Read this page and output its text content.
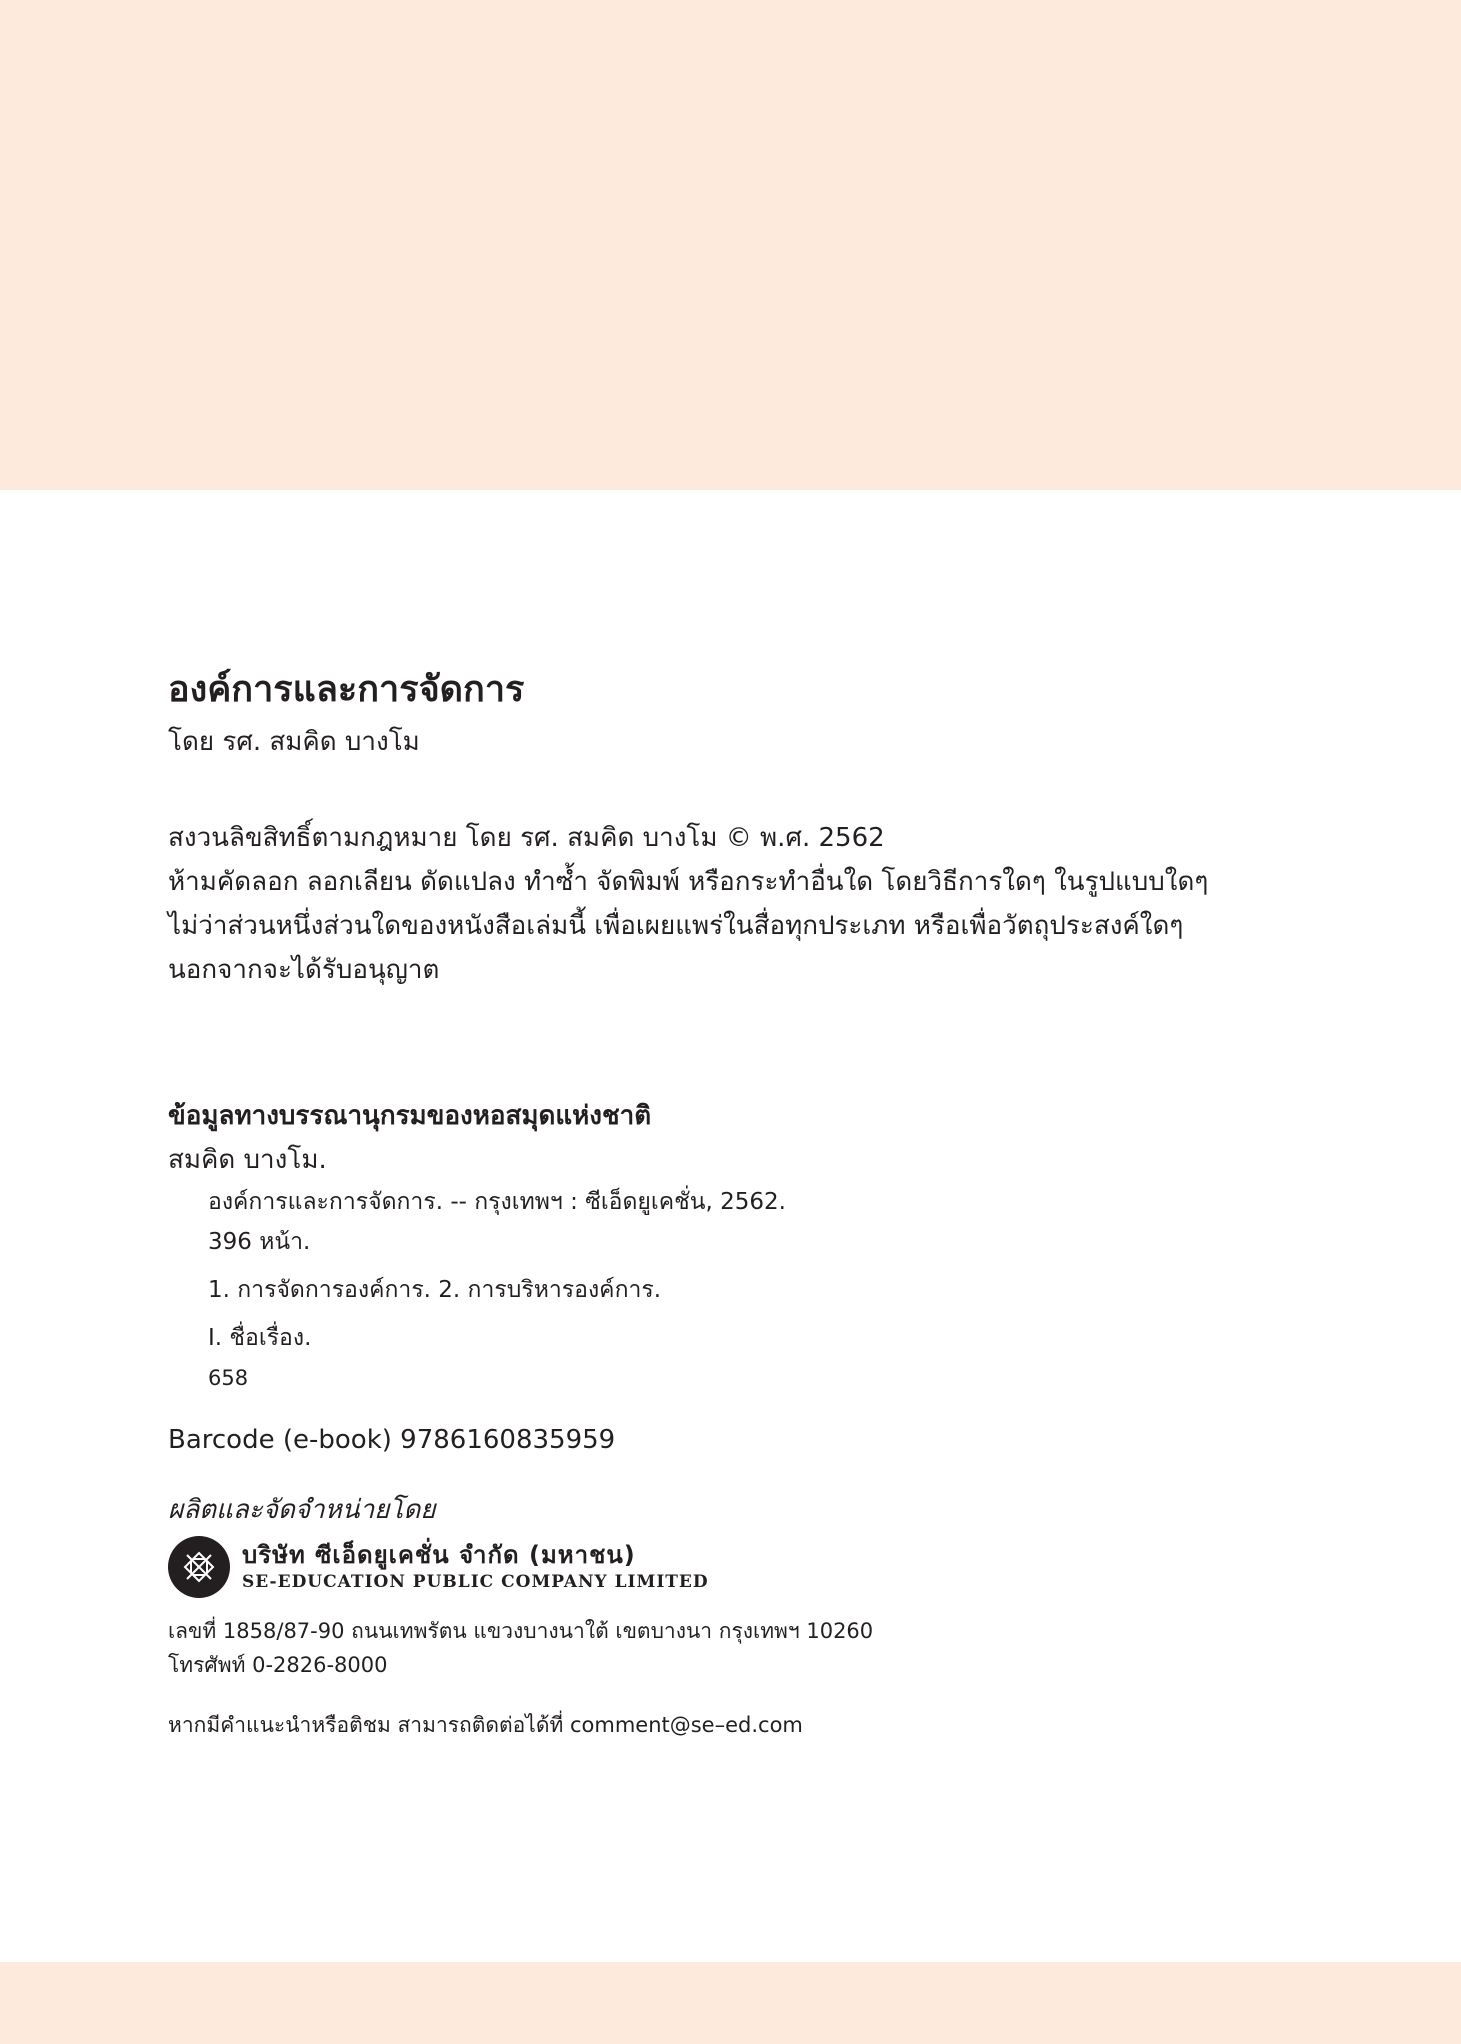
องค์การและการจัดการ

โดย รศ. สมคิด บางโม

สงวนลิขสิทธิ์ตามกฎหมาย โดย รศ. สมคิด บางโม © พ.ศ. 2562

ห้ามคัดลอก ลอกเลียน ดัดแปลง ทำซ้ำ จัดพิมพ์ หรือกระทำอื่นใด โดยวิธีการใดๆ ในรูปแบบใดๆ

ไม่ว่าส่วนหนึ่งส่วนใดของหนังสือเล่มนี้ เพื่อเผยแพร่ในสื่อทุกประเภท หรือเพื่อวัตถุประสงค์ใดๆ

นอกจากจะได้รับอนุญาต

ข้อมูลทางบรรณานุกรมของหอสมุดแห่งชาติ

สมคิด บางโม.

องค์การและการจัดการ. -- กรุงเทพฯ : ซีเอ็ดยูเคชั่น, 2562.

396 หน้า.

1. การจัดการองค์การ. 2. การบริหารองค์การ.

I. ชื่อเรื่อง.

658

Barcode (e-book) 9786160835959
ผลิตและจัดจำหน่ายโดย
บริษัท ซีเอ็ดยูเคชั่น จำกัด (มหาชน)
SE-EDUCATION PUBLIC COMPANY LIMITED

เลขที่ 1858/87-90 ถนนเทพรัตน แขวงบางนาใต้ เขตบางนา กรุงเทพฯ 10260

โทรศัพท์ 0-2826-8000

หากมีคำแนะนำหรือติชม สามารถติดต่อได้ที่ comment@se–ed.com
